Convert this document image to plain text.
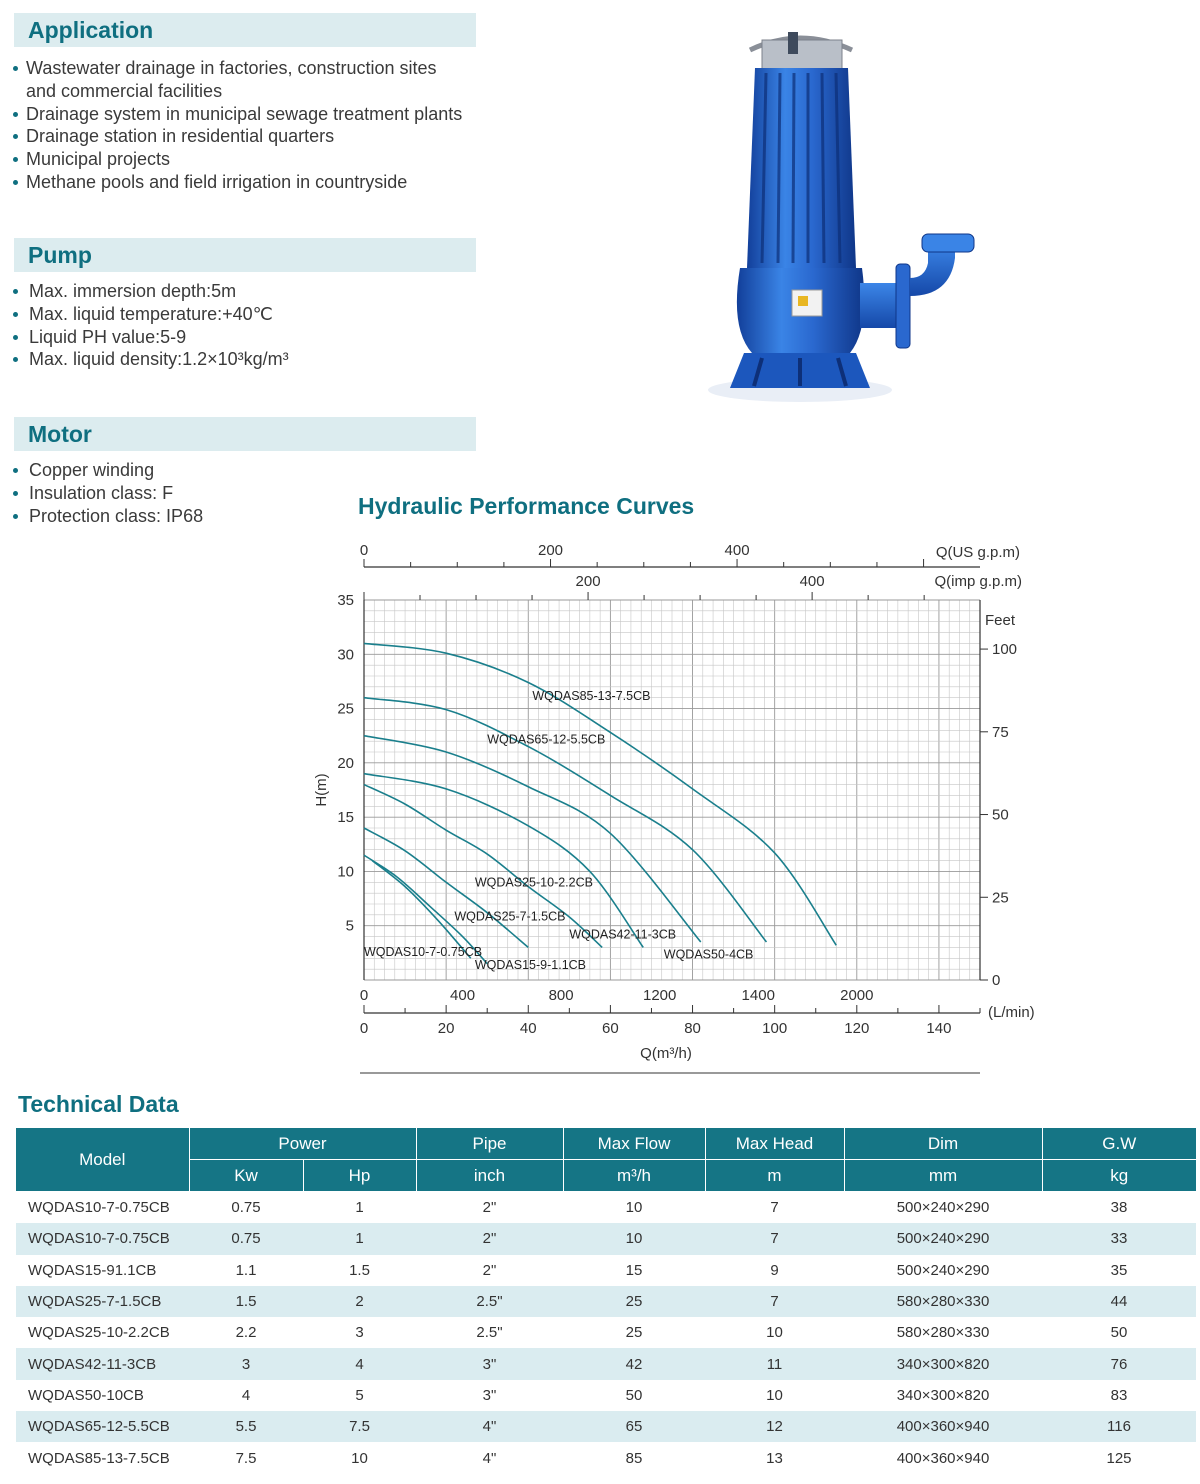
Application
Wastewater drainage in factories, construction sites
and commercial facilities
Drainage system in municipal sewage treatment plants
Drainage station in residential quarters
Municipal projects
Methane pools and field irrigation in countryside
Pump
Max. immersion depth:5m
Max. liquid temperature:+40℃
Liquid PH value:5-9
Max. liquid density:1.2×10³kg/m³
Motor
Copper winding
Insulation class: F
Protection class: IP68	Hydraulic Performance Curves
5
10
15
20
25
30
35
H(m)
0
25
50
75
100
Feet
0	200	400	Q(US g.p.m)
200	400	Q(imp g.p.m)
0	400	800	1200	1400	2000
(L/min)
0	20	40	60	80	100	120	140
Q(m³/h)
WQDAS85-13-7.5CB
WQDAS65-12-5.5CB
WQDAS50-4CB
WQDAS42-11-3CB
WQDAS25-10-2.2CB
WQDAS25-7-1.5CB
WQDAS15-9-1.1CB
WQDAS10-7-0.75CB
Technical Data
Model	Power		Pipe	Max Flow	Max Head	Dim	G.W
	Kw	Hp	inch	m³/h	m	mm	kg
WQDAS10-7-0.75CB	0.75	1	2"	10	7	500×240×290	38
WQDAS10-7-0.75CB	0.75	1	2"	10	7	500×240×290	33
WQDAS15-91.1CB	1.1	1.5	2"	15	9	500×240×290	35
WQDAS25-7-1.5CB	1.5	2	2.5"	25	7	580×280×330	44
WQDAS25-10-2.2CB	2.2	3	2.5"	25	10	580×280×330	50
WQDAS42-11-3CB	3	4	3"	42	11	340×300×820	76
WQDAS50-10CB	4	5	3"	50	10	340×300×820	83
WQDAS65-12-5.5CB	5.5	7.5	4"	65	12	400×360×940	116
WQDAS85-13-7.5CB	7.5	10	4"	85	13	400×360×940	125
